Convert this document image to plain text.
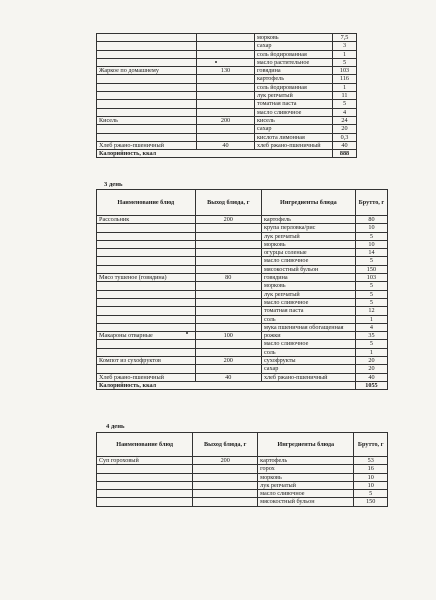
		морковь	7,5
		сахар	3
		соль йодированная	1
		масло растительное	5
Жаркое по домашнему	130	говядина	103
		картофель	116
		соль йодированная	1
		лук репчатый	11
		томатная паста	5
		масло сливочное	4
Кисель	200	кисель	24
		сахар	20
		кислота лимонная	0,3
Хлеб ржано-пшеничный	40	хлеб ржано-пшеничный	40
Калорийность, ккал			888
3 день
Наименование блюд	Выход блюда, г	Ингредиенты блюда	Брутто, г
Рассольник	200	картофель	80
		крупа перловка/рис	10
		лук репчатый	5
		морковь	10
		огурцы соленые	14
		масло сливочное	5
		мясокостный бульон	150
Мясо тушеное (говядина)	80	говядина	103
		морковь	5
		лук репчатый	5
		масло сливочное	5
		томатная паста	12
		соль	1
		мука пшеничная обогащенная	4
Макароны отварные	100	рожки	35
		масло сливочное	5
		соль	1
Компот из сухофруктов	200	сухофрукты	20
		сахар	20
Хлеб ржано-пшеничный	40	хлеб ржано-пшеничный	40
Калорийность, ккал			1055
4 день
Наименование блюд	Выход блюда, г	Ингредиенты блюда	Брутто, г
Суп гороховый	200	картофель	53
		горох	16
		морковь	10
		лук репчатый	10
		масло сливочное	5
		мясокостный бульон	150
